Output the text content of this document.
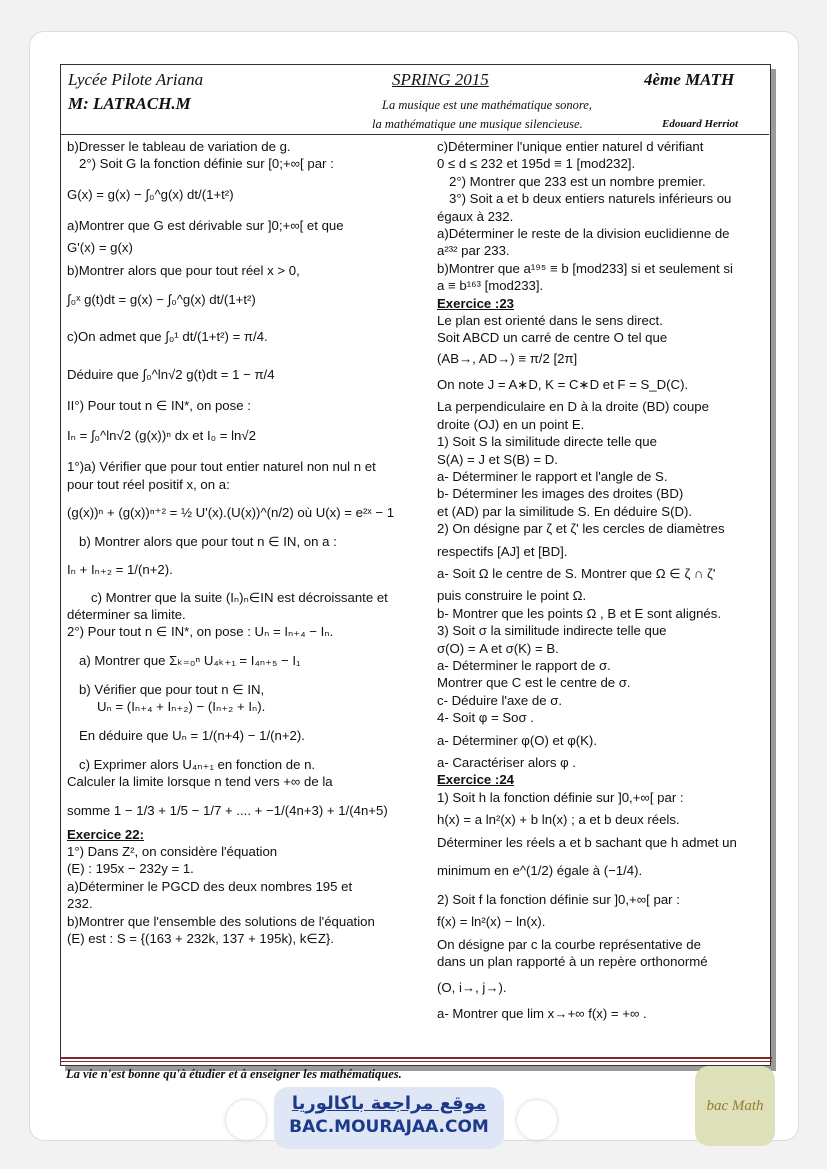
Lycée Pilote Ariana
M: LATRACH.M
SPRING 2015	4ème MATH
La musique est une mathématique sonore,
la mathématique une musique silencieuse.	Edouard Herriot

b)Dresser le tableau de variation de g.

2°) Soit G la fonction définie sur [0;+∞[ par :

G(x) = g(x) − ∫₀^g(x) dt/(1+t²)

a)Montrer que G est dérivable sur ]0;+∞[ et que

G'(x) = g(x)

b)Montrer alors que pour tout réel x > 0,

∫₀ˣ g(t)dt = g(x) − ∫₀^g(x) dt/(1+t²)

c)On admet que ∫₀¹ dt/(1+t²) = π/4.

Déduire que ∫₀^ln√2 g(t)dt = 1 − π/4

II°) Pour tout n ∈ IN*, on pose :

Iₙ = ∫₀^ln√2 (g(x))ⁿ dx et I₀ = ln√2

1°)a) Vérifier que pour tout entier naturel non nul n et

pour tout réel positif x, on a:

(g(x))ⁿ + (g(x))ⁿ⁺² = ½ U'(x).(U(x))^(n/2) où U(x) = e²ˣ − 1

b) Montrer alors que pour tout n ∈ IN, on a :

Iₙ + Iₙ₊₂ = 1/(n+2).

c) Montrer que la suite (Iₙ)ₙ∈IN est décroissante et

déterminer sa limite.

2°) Pour tout n ∈ IN*, on pose : Uₙ = Iₙ₊₄ − Iₙ.

a) Montrer que Σₖ₌₀ⁿ U₄ₖ₊₁ = I₄ₙ₊₅ − I₁

b) Vérifier que pour tout n ∈ IN,

Uₙ = (Iₙ₊₄ + Iₙ₊₂) − (Iₙ₊₂ + Iₙ).

En déduire que Uₙ = 1/(n+4) − 1/(n+2).

c) Exprimer alors U₄ₙ₊₁ en fonction de n.

Calculer la limite lorsque n tend vers +∞ de la

somme 1 − 1/3 + 1/5 − 1/7 + .... + −1/(4n+3) + 1/(4n+5)

Exercice 22:

1°) Dans Z², on considère l'équation

(E) : 195x − 232y = 1.

a)Déterminer le PGCD des deux nombres 195 et

232.

b)Montrer que l'ensemble des solutions de l'équation

(E) est : S = {(163 + 232k, 137 + 195k), k∈Z}.

c)Déterminer l'unique entier naturel d vérifiant

0 ≤ d ≤ 232 et 195d ≡ 1 [mod232].

2°) Montrer que 233 est un nombre premier.

3°) Soit a et b deux entiers naturels inférieurs ou

égaux à 232.

a)Déterminer le reste de la division euclidienne de

a²³² par 233.

b)Montrer que a¹⁹⁵ ≡ b [mod233] si et seulement si

a ≡ b¹⁶³ [mod233].

Exercice :23

Le plan est orienté dans le sens direct.

Soit ABCD un carré de centre O tel que

(AB→, AD→) ≡ π/2 [2π]

On note J = A∗D, K = C∗D et F = S_D(C).

La perpendiculaire en D à la droite (BD) coupe

droite (OJ) en un point E.

1) Soit S la similitude directe telle que

S(A) = J et S(B) = D.

a- Déterminer le rapport et l'angle de S.

b- Déterminer les images des droites (BD)

et (AD) par la similitude S. En déduire S(D).

2) On désigne par ζ et ζ' les cercles de diamètres

respectifs [AJ] et [BD].

a- Soit Ω le centre de S. Montrer que Ω ∈ ζ ∩ ζ'

puis construire le point Ω.

b- Montrer que les points Ω , B et E sont alignés.

3) Soit σ la similitude indirecte telle que

σ(O) = A et σ(K) = B.

a- Déterminer le rapport de σ.

Montrer que C est le centre de σ.

c- Déduire l'axe de σ.

4- Soit φ = Soσ .

a- Déterminer φ(O) et φ(K).

a- Caractériser alors φ .

Exercice :24

1) Soit h la fonction définie sur ]0,+∞[ par :

h(x) = a ln²(x) + b ln(x) ; a et b deux réels.

Déterminer les réels a et b sachant que h admet un

minimum en e^(1/2) égale à (−1/4).

2) Soit f la fonction définie sur ]0,+∞[ par :

f(x) = ln²(x) − ln(x).

On désigne par c la courbe représentative de

dans un plan rapporté à un repère orthonormé

(O, i→, j→).

a- Montrer que lim x→+∞ f(x) = +∞ .

La vie n'est bonne qu'à étudier et à enseigner les mathématiques.
موقع مراجعة باكالوريا
BAC.MOURAJAA.COM
bac Math
